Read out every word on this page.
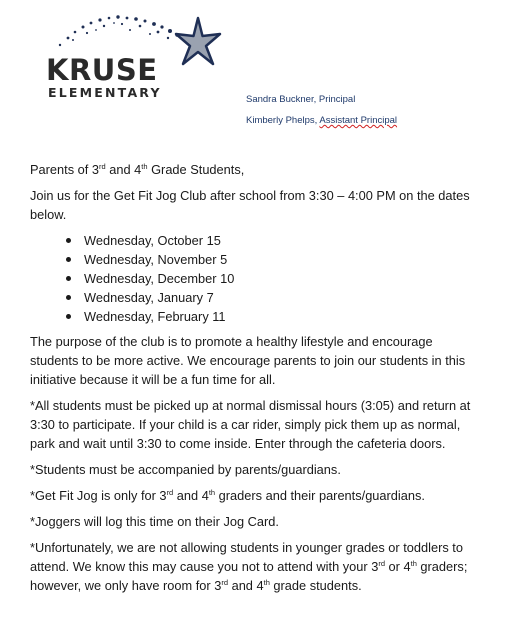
KRUSE
ELEMENTARY	Sandra Buckner, Principal
Kimberly Phelps, Assistant Principal

Parents of 3rd and 4th Grade Students,

Join us for the Get Fit Jog Club after school from 3:30 – 4:00 PM on the dates below.

Wednesday, October 15
Wednesday, November 5
Wednesday, December 10
Wednesday, January 7
Wednesday, February 11

The purpose of the club is to promote a healthy lifestyle and encourage students to be more active. We encourage parents to join our students in this initiative because it will be a fun time for all.

*All students must be picked up at normal dismissal hours (3:05) and return at 3:30 to participate. If your child is a car rider, simply pick them up as normal, park and wait until 3:30 to come inside. Enter through the cafeteria doors.

*Students must be accompanied by parents/guardians.

*Get Fit Jog is only for 3rd and 4th graders and their parents/guardians.

*Joggers will log this time on their Jog Card.

*Unfortunately, we are not allowing students in younger grades or toddlers to attend. We know this may cause you not to attend with your 3rd or 4th graders; however, we only have room for 3rd and 4th grade students.
